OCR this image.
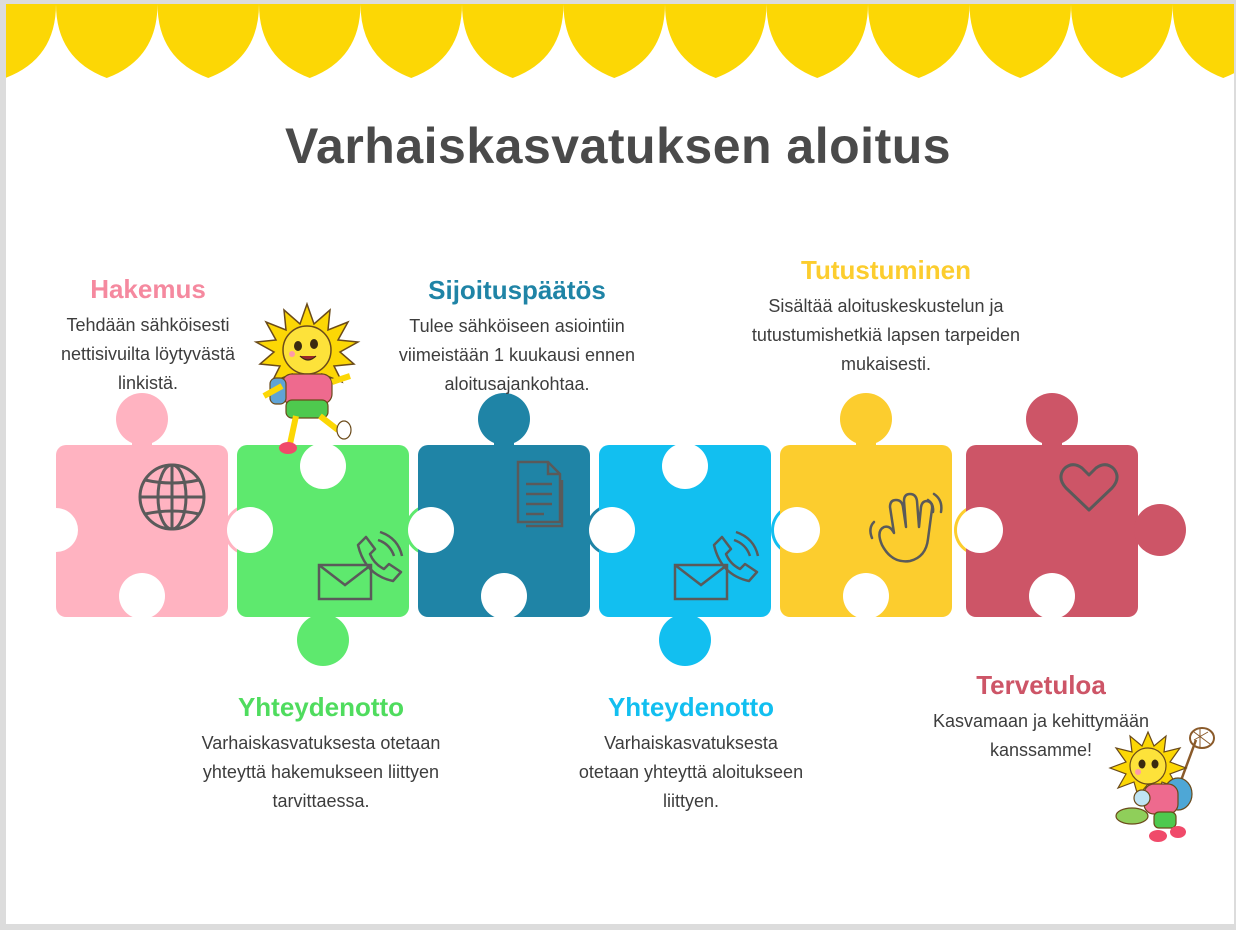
Varhaiskasvatuksen aloitus
Hakemus

Tehdään sähköisesti nettisivuilta löytyvästä linkistä.

Sijoituspäätös

Tulee sähköiseen asiointiin viimeistään 1 kuukausi ennen aloitusajankohtaa.

Tutustuminen

Sisältää aloituskeskustelun ja tutustumishetkiä lapsen tarpeiden mukaisesti.

Yhteydenotto

Varhaiskasvatuksesta otetaan yhteyttä hakemukseen liittyen tarvittaessa.

Yhteydenotto

Varhaiskasvatuksesta otetaan yhteyttä aloitukseen liittyen.

Tervetuloa

Kasvamaan ja kehittymään kanssamme!
